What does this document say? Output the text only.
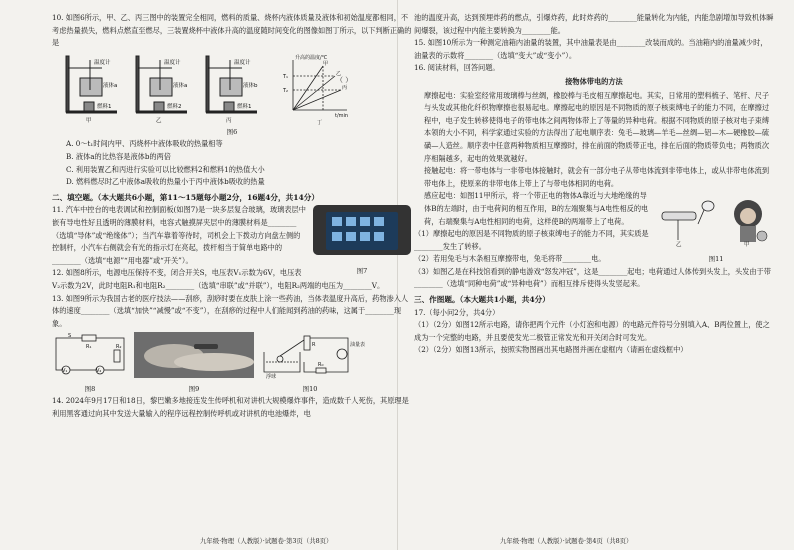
10. 如图6所示，甲、乙、丙三图中的装置完全相同，燃料的质量、烧杯内液体质量及液体和初始温度都相同，不考虑热量损失，燃料点燃直至燃尽，三装置烧杯中液体升高的温度随时间变化的图像如图丁所示，以下判断正确的是

温度计
液体a
燃料1
温度计
液体a
燃料2
温度计
液体b
燃料1
甲	乙	丙
升高的温度/℃
T₁
T₂
t/min
甲
乙
丙
丁

图6

A. 0～t₁时间内甲、丙烧杯中液体吸收的热量相等

B. 液体a的比热容是液体b的两倍

C. 利用装置乙和丙进行实验可以比较燃料2和燃料1的热值大小

D. 燃料燃尽时乙中液体a吸收的热量小于丙中液体b吸收的热量

二、填空题。（本大题共6小题，第11～15题每小题2分，16题4分，共14分）

图7

11. 汽车中控台的电表调试和控制面板(如图7)是一块多层复合玻璃，玻璃表层中嵌有导电性好且透明的薄膜材料，电容式触摸屏夹层中的薄膜材料是________（选填“导体”或“绝缘体”）；当汽车靠着等待时，司机会上下拨动方向盘左侧的控制杆，小汽车右侧就会有光的指示灯在亮起，拨杆相当于简单电路中的________（选填“电源”“用电器”或“开关”）。

12. 如图8所示，电源电压保持不变，闭合开关S，电压表V₁示数为6V，电压表V₂示数为2V，此时电阻R₁和电阻R₂________（选填“串联”或“并联”），电阻R₂两端的电压为________V。

13. 如图9所示为我国古老的医疗技法——刮痧，刮痧时要在皮肤上涂一些药油，当体表温度升高后，药物渗入人体的速度________（选填“加快”“减慢”或“不变”），在刮痧的过程中人们能闻到药油的药味，这属于________现象。

S
R₁	R₂
V₁	V₂

图8	图9

浮球
R	油量表
R₀

图10

14. 2024年9月17日和18日，黎巴嫩多地接连发生传呼机和对讲机大规模爆炸事件，造成数千人死伤，其原理是利用黑客通过向其中发送大量输入的程序远程控制传呼机或对讲机的电池爆炸，电

（ ）

池的温度升高，达到预埋炸药的燃点，引爆炸药，此时炸药的________能量转化为内能，内能急剧增加导致机体瞬间爆裂，该过程中内能主要转换为________能。

15. 如图10所示为一种测定油箱内油量的装置，其中油量表是由________改装而成的。当油箱内的油量减少时，油量表的示数将________（选填“变大”或“变小”）。

16. 阅读材料，回答问题。

接物体带电的方法

摩擦起电：实验室经常用玻璃棒与丝绸，橡胶棒与毛皮相互摩擦起电。其实，日常用的塑料梳子、笔杆、尺子与头发或其他化纤织物摩擦也很易起电。摩擦起电的原因是不同物质的原子核束缚电子的能力不同，在摩擦过程中，电子发生转移使得电子的带电体之间两物体带上了等量的异种电荷。根据不同物质的原子核对电子束缚本领的大小不同，科学家通过实验的方法得出了起电顺序表：兔毛—玻璃—羊毛—丝绸—铝—木—硬橡胶—硫磺—人造丝。顺序表中任意两种物质相互摩擦时，排在前面的物质带正电，排在后面的物质带负电；两物质次序相隔越多，起电的效果就越好。

接触起电：将一带电体与一非带电体接触时，就会有一部分电子从带电体流到非带电体上，或从非带电体流到带电体上，使原来的非带电体上带上了与带电体相同的电荷。

乙	甲

图11

感应起电：如图11甲所示，将一个带正电的物体A靠近与大地绝缘的导体B的左端时，由于电荷间的相互作用，B的左端聚集与A电性相反的电荷，右端聚集与A电性相同的电荷，这样使B的两端带上了电荷。

（1）摩擦起电的原因是不同物质的原子核束缚电子的能力不同，其实质是________发生了转移。

（2）若用兔毛与木条相互摩擦带电，兔毛将带________电。

（3）如图乙是在科技馆看到的静电游戏“怒发冲冠”，这是________起电；电荷通过人体传到头发上，头发由于带________（选填“同种电荷”或“异种电荷”）而相互排斥使得头发竖起来。

三、作图题。（本大题共1小题，共4分）

17.（每小问2分，共4分）

（1）（2分）如图12所示电路，请你把两个元件（小灯泡和电源）的电路元件符号分别填入A、B两位置上，使之成为一个完整的电路，并且要使发光二极管正常发光和开关闭合时可发光。

（2）（2分）如图13所示，按照实物图画出其电路图并画在虚框内（请画在虚线框中）

九年级·物理（人教版）·试题卷·第3页（共8页）	九年级·物理（人教版）·试题卷·第4页（共8页）
